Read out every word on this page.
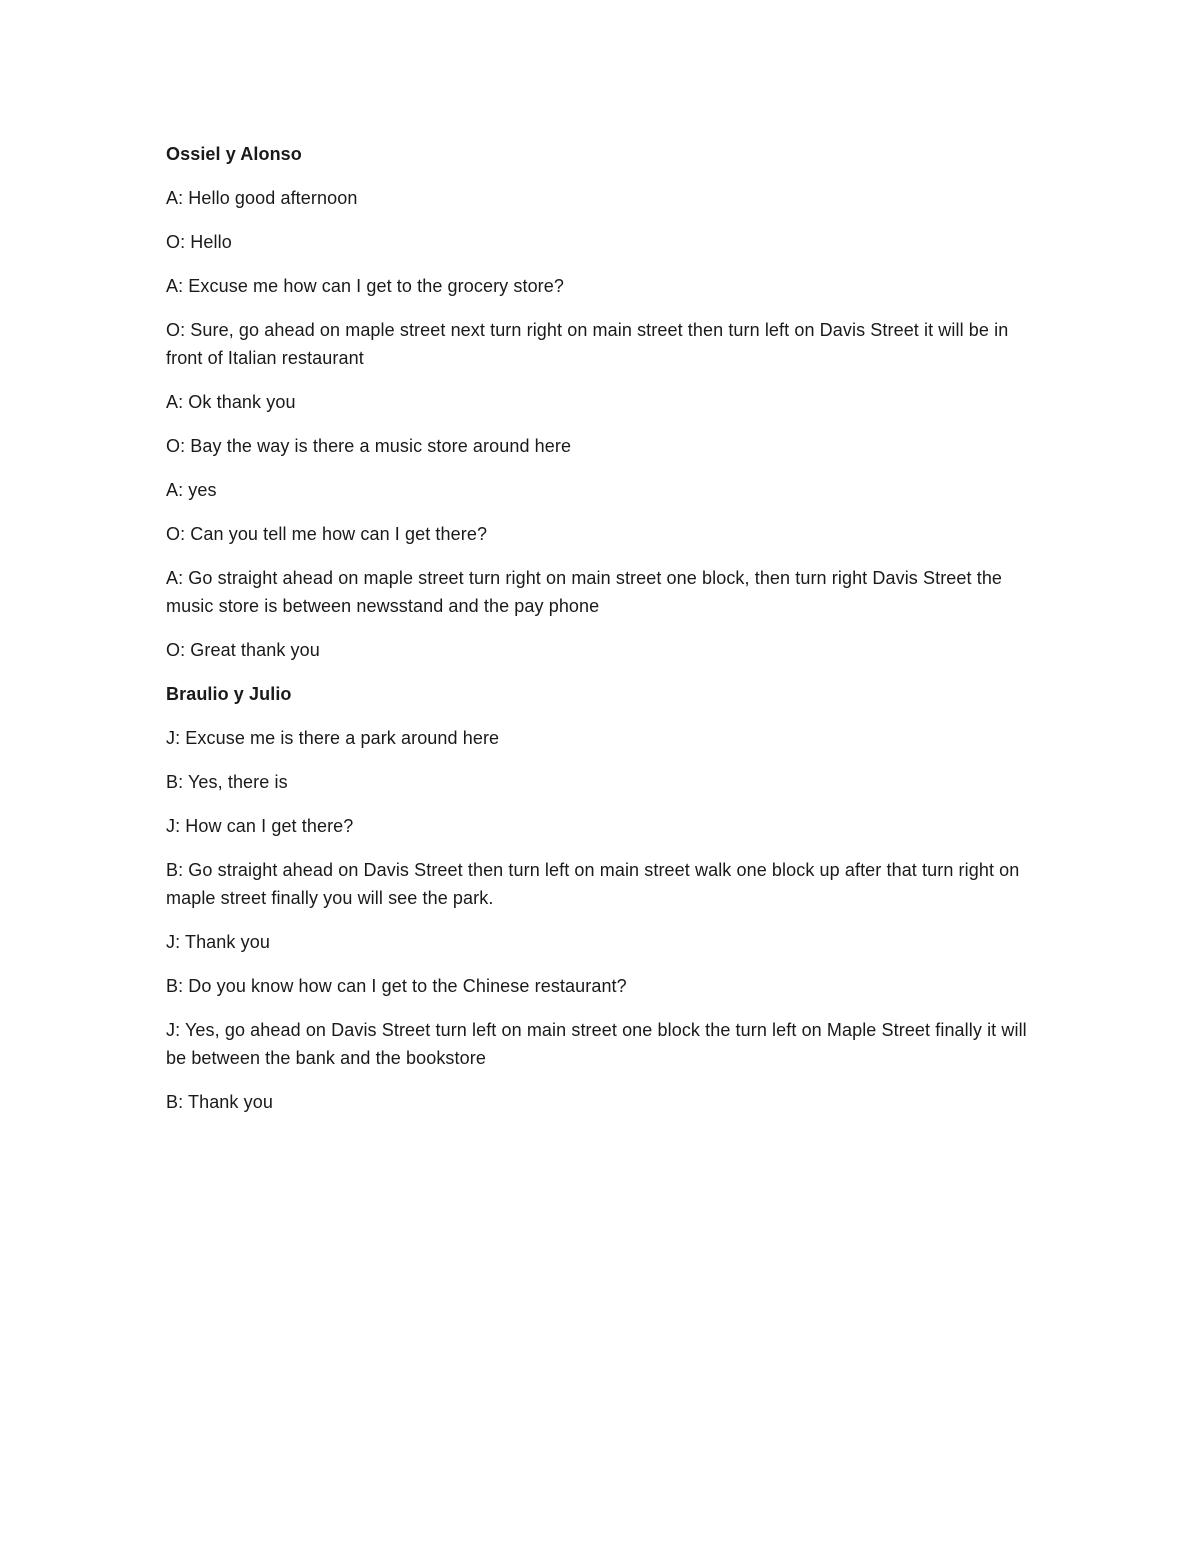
Ossiel y Alonso

A: Hello good afternoon

O: Hello

A: Excuse me how can I get to the grocery store?

O: Sure, go ahead on maple street next turn right on main street then turn left on Davis Street it will be in front of Italian restaurant

A: Ok thank you

O: Bay the way is there a music store around here

A: yes

O: Can you tell me how can I get there?

A: Go straight ahead on maple street turn right on main street one block, then turn right Davis Street the music store is between newsstand and the pay phone

O: Great thank you

Braulio y Julio

J: Excuse me is there a park around here

B: Yes, there is

J: How can I get there?

B: Go straight ahead on Davis Street then turn left on main street walk one block up after that turn right on maple street finally you will see the park.

J: Thank you

B: Do you know how can I get to the Chinese restaurant?

J: Yes, go ahead on Davis Street turn left on main street one block the turn left on Maple Street finally it will be between the bank and the bookstore

B: Thank you
